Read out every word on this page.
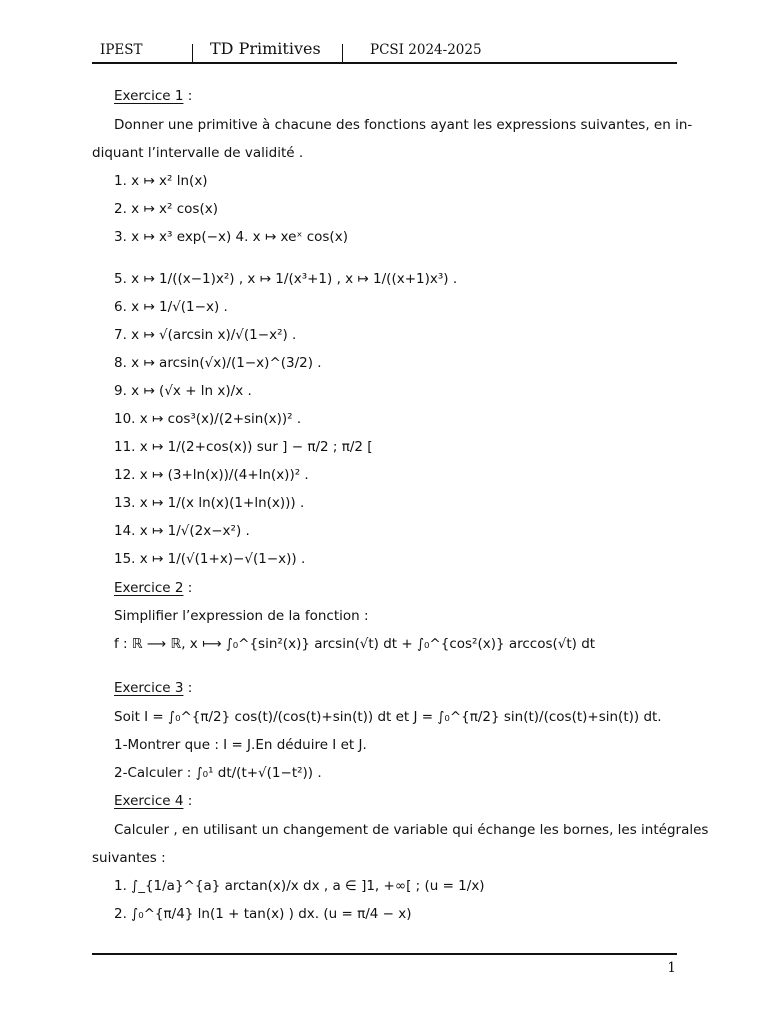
IPEST	TD Primitives	PCSI 2024-2025
Exercice 1 :
Donner une primitive à chacune des fonctions ayant les expressions suivantes, en in-
diquant l’intervalle de validité .
1. x ↦ x² ln(x)
2. x ↦ x² cos(x)
3. x ↦ x³ exp(−x) 4. x ↦ xeˣ cos(x)
5. x ↦ 1/((x−1)x²) , x ↦ 1/(x³+1) , x ↦ 1/((x+1)x³) .
6. x ↦ 1/√(1−x) .
7. x ↦ √(arcsin x)/√(1−x²) .
8. x ↦ arcsin(√x)/(1−x)^(3/2) .
9. x ↦ (√x + ln x)/x .
10. x ↦ cos³(x)/(2+sin(x))² .
11. x ↦ 1/(2+cos(x)) sur ] − π/2 ; π/2 [
12. x ↦ (3+ln(x))/(4+ln(x))² .
13. x ↦ 1/(x ln(x)(1+ln(x))) .
14. x ↦ 1/√(2x−x²) .
15. x ↦ 1/(√(1+x)−√(1−x)) .
Exercice 2 :
Simplifier l’expression de la fonction :
f : ℝ ⟶ ℝ, x ⟼ ∫₀^{sin²(x)} arcsin(√t) dt + ∫₀^{cos²(x)} arccos(√t) dt
Exercice 3 :
Soit I = ∫₀^{π/2} cos(t)/(cos(t)+sin(t)) dt et J = ∫₀^{π/2} sin(t)/(cos(t)+sin(t)) dt.
1-Montrer que : I = J.En déduire I et J.
2-Calculer : ∫₀¹ dt/(t+√(1−t²)) .
Exercice 4 :
Calculer , en utilisant un changement de variable qui échange les bornes, les intégrales
suivantes :
1. ∫_{1/a}^{a} arctan(x)/x dx , a ∈ ]1, +∞[ ; (u = 1/x)
2. ∫₀^{π/4} ln(1 + tan(x) ) dx. (u = π/4 − x)
1
